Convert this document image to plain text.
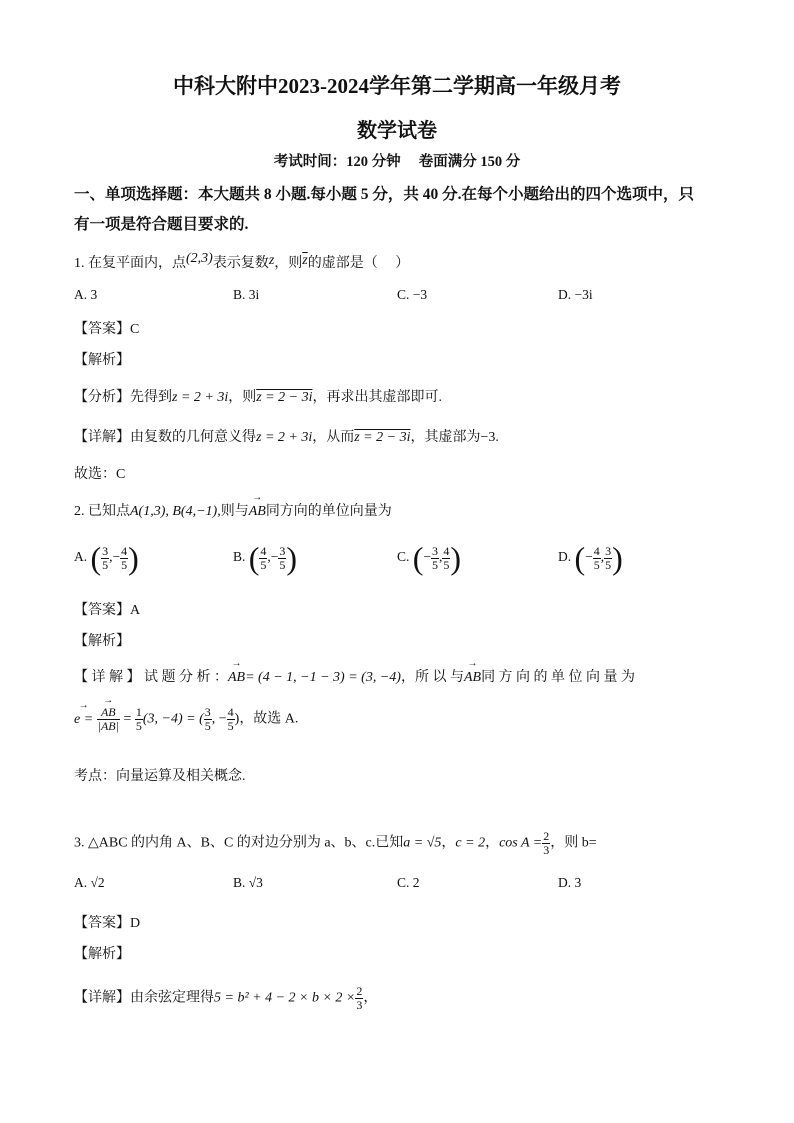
中科大附中2023-2024学年第二学期高一年级月考
数学试卷
考试时间：120 分钟　 卷面满分 150 分
一、单项选择题：本大题共 8 小题.每小题 5 分，共 40 分.在每个小题给出的四个选项中，只
有一项是符合题目要求的.
1. 在复平面内，点(2,3)表示复数z，则$\overline{z}$的虚部是（　 ）
A. 3	B. 3i	C. −3	D. −3i
【答案】C
【解析】
【分析】先得到z = 2 + 3i，则z = 2 − 3i，再求出其虚部即可.
【详解】由复数的几何意义得z = 2 + 3i，从而z = 2 − 3i，其虚部为−3.
故选：C
2. 已知点A(1,3), B(4,−1),则与→ AB同方向的单位向量为
A. ( $\frac{3}{5}$ ,− $\frac{4}{5}$ )	B. ( $\frac{4}{5}$ ,− $\frac{3}{5}$ )	C. (− $\frac{3}{5}$ , $\frac{4}{5}$ )	D. (− $\frac{4}{5}$ , $\frac{3}{5}$ )
【答案】A
【解析】
【 详 解 】 试 题 分 析 ：→ AB= (4 − 1, −1 − 3) = (3, −4)，所 以 与→ AB同 方 向 的 单 位 向 量 为
→ e = → $\frac{AB}{|AB|} = \frac{1}{5} (3$, −4) = ( $\frac{3}{5}$ , − $\frac{4}{5}$ )，故选 A.
考点：向量运算及相关概念.
3. △ABC 的内角 A、B、C 的对边分别为 a、b、c.已知a = √5，c = 2，$\cos A = \frac{2}{3}$ ，则 b=
A. √2	B. √3	C. 2	D. 3
【答案】D
【解析】
【详解】由余弦定理得$5 = b^2 + 4 - 2 \times b \times 2 \times \frac{2}{3}$ ，
